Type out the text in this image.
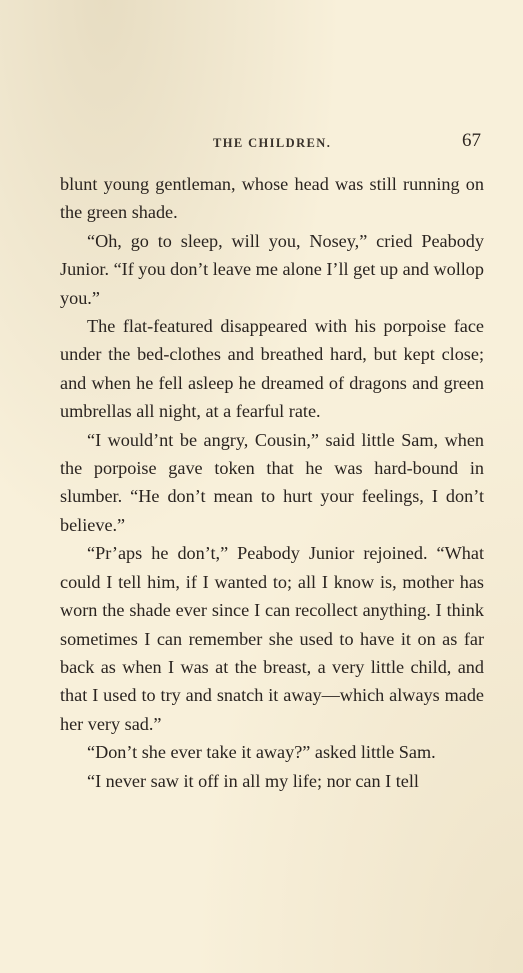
THE CHILDREN.	67

blunt young gentleman, whose head was still running on the green shade.

“Oh, go to sleep, will you, Nosey,” cried Peabody Junior. “If you don’t leave me alone I’ll get up and wollop you.”

The flat-featured disappeared with his porpoise face under the bed-clothes and breathed hard, but kept close; and when he fell asleep he dreamed of dragons and green umbrellas all night, at a fearful rate.

“I would’nt be angry, Cousin,” said little Sam, when the porpoise gave token that he was hard-bound in slumber. “He don’t mean to hurt your feelings, I don’t believe.”

“Pr’aps he don’t,” Peabody Junior rejoined. “What could I tell him, if I wanted to; all I know is, mother has worn the shade ever since I can recollect anything. I think sometimes I can remember she used to have it on as far back as when I was at the breast, a very little child, and that I used to try and snatch it away—which always made her very sad.”

“Don’t she ever take it away?” asked little Sam.

“I never saw it off in all my life; nor can I tell
